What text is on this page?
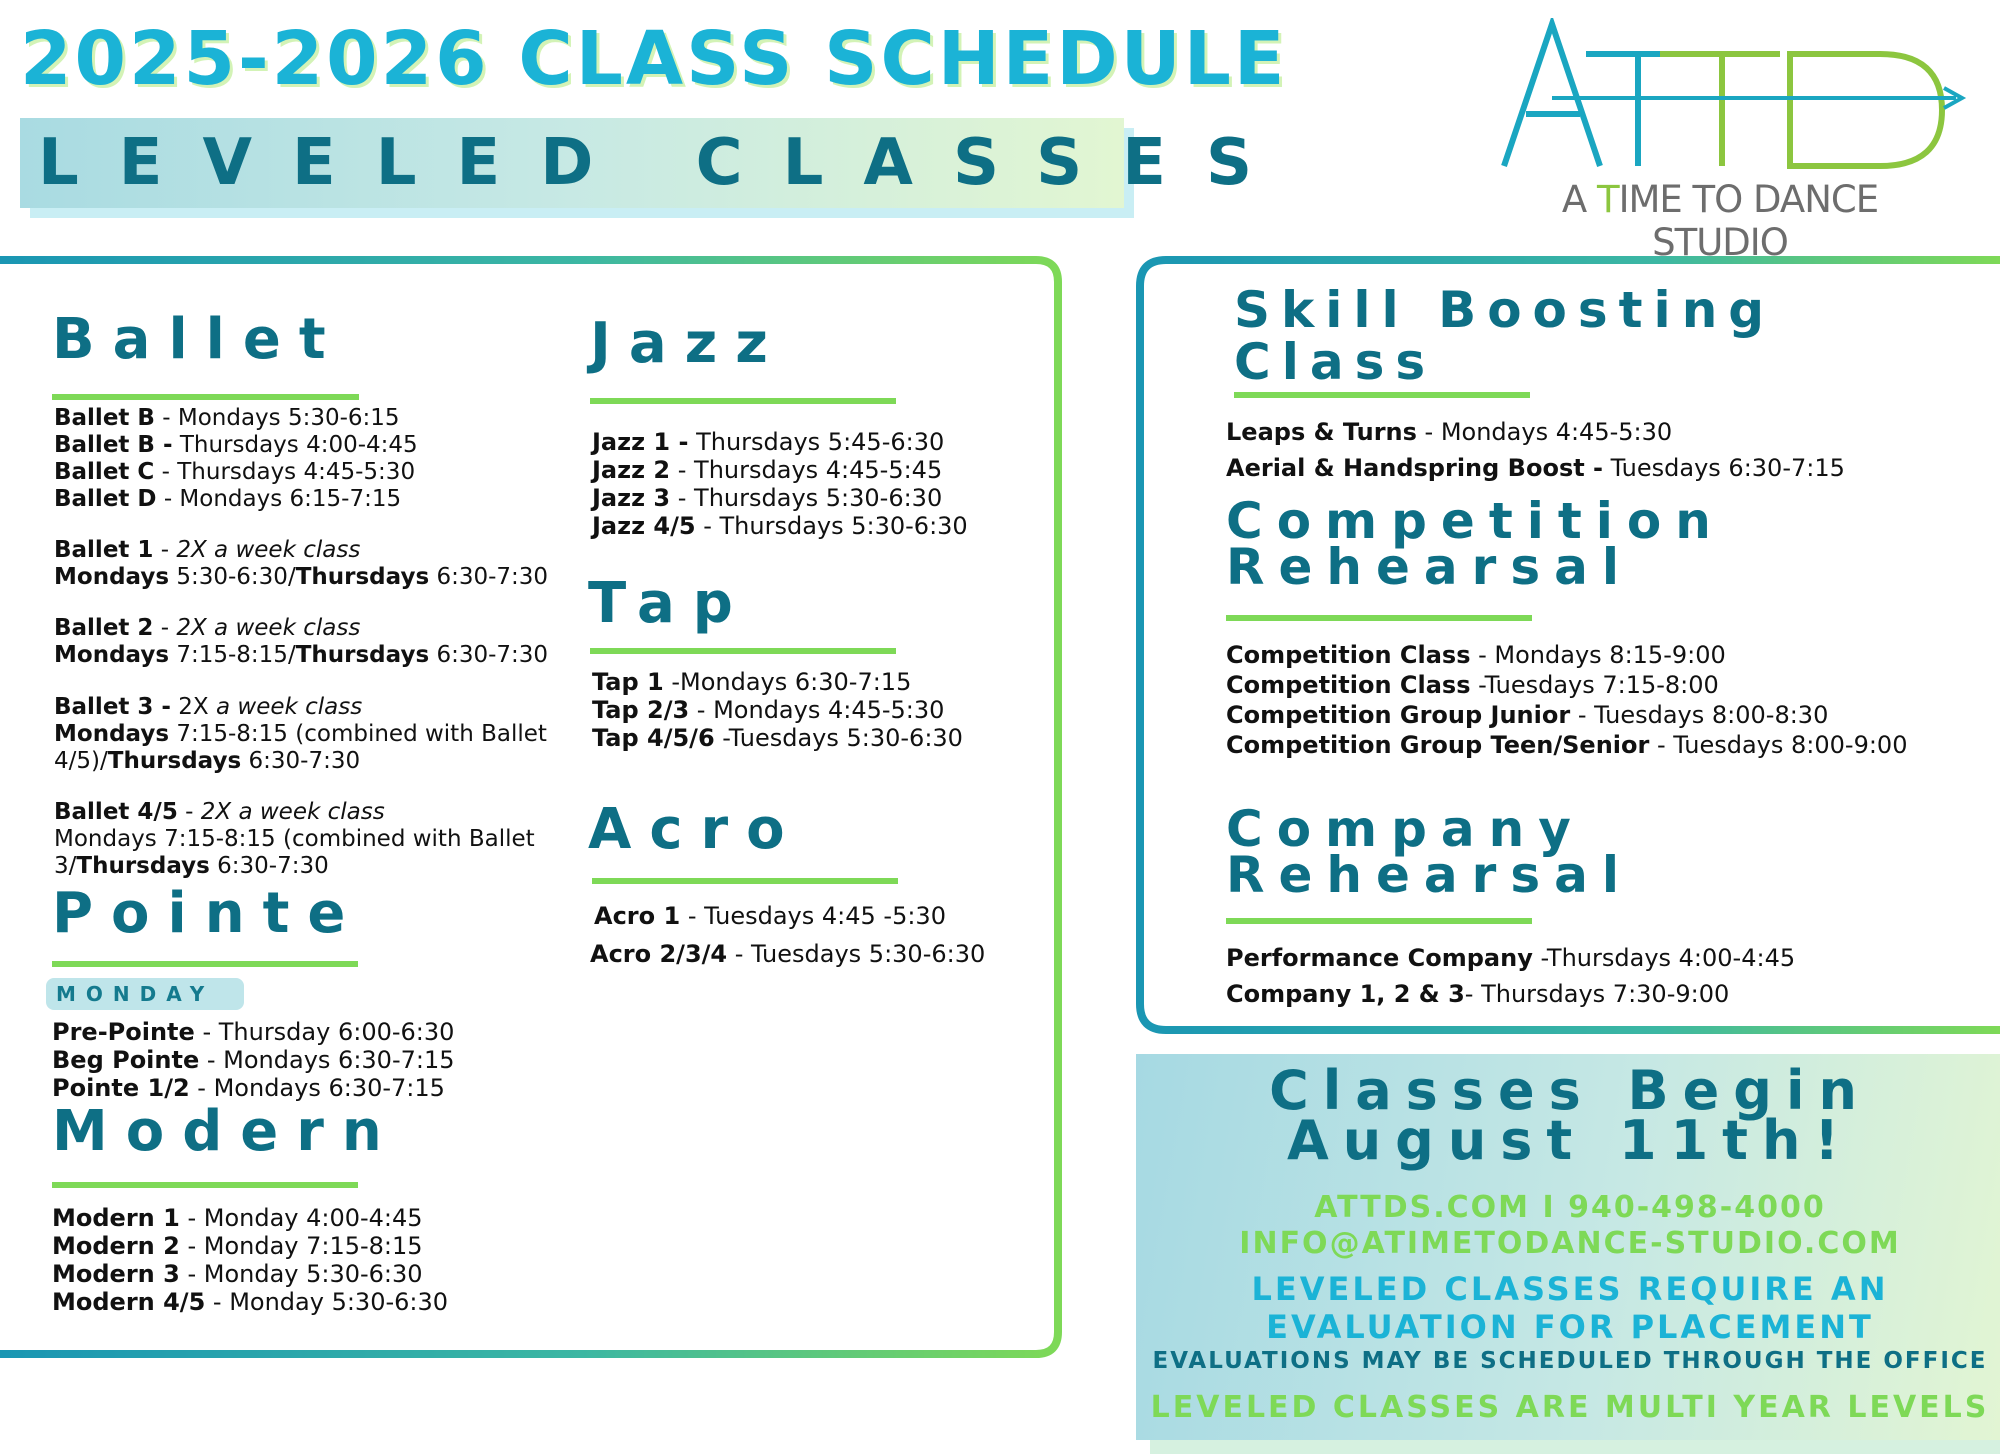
2025-2026 CLASS SCHEDULE
LEVELED CLASSES	A TIME TO DANCE STUDIO
Ballet
Ballet B - Mondays 5:30-6:15
Ballet B - Thursdays 4:00-4:45
Ballet C - Thursdays 4:45-5:30
Ballet D - Mondays 6:15-7:15
Ballet 1 - 2X a week class
Mondays 5:30-6:30/Thursdays 6:30-7:30
Ballet 2 - 2X a week class
Mondays 7:15-8:15/Thursdays 6:30-7:30
Ballet 3 - 2X a week class
Mondays 7:15-8:15 (combined with Ballet
4/5)/Thursdays 6:30-7:30
Ballet 4/5 - 2X a week class
Mondays 7:15-8:15 (combined with Ballet
3/Thursdays 6:30-7:30
Pointe
MONDAY
Pre-Pointe - Thursday 6:00-6:30
Beg Pointe - Mondays 6:30-7:15
Pointe 1/2 - Mondays 6:30-7:15
Modern
Modern 1 - Monday 4:00-4:45
Modern 2 - Monday 7:15-8:15
Modern 3 - Monday 5:30-6:30
Modern 4/5 - Monday 5:30-6:30
Jazz
Jazz 1 - Thursdays 5:45-6:30
Jazz 2 - Thursdays 4:45-5:45
Jazz 3 - Thursdays 5:30-6:30
Jazz 4/5 - Thursdays 5:30-6:30
Tap
Tap 1 -Mondays 6:30-7:15
Tap 2/3 - Mondays 4:45-5:30
Tap 4/5/6 -Tuesdays 5:30-6:30
Acro
Acro 1 - Tuesdays 4:45 -5:30
Acro 2/3/4 - Tuesdays 5:30-6:30
Skill Boosting
Class
Leaps & Turns - Mondays 4:45-5:30
Aerial & Handspring Boost - Tuesdays 6:30-7:15
Competition
Rehearsal
Competition Class - Mondays 8:15-9:00
Competition Class -Tuesdays 7:15-8:00
Competition Group Junior - Tuesdays 8:00-8:30
Competition Group Teen/Senior - Tuesdays 8:00-9:00
Company
Rehearsal
Performance Company -Thursdays 4:00-4:45
Company 1, 2 & 3- Thursdays 7:30-9:00
Classes Begin
August 11th!
ATTDS.COM I 940-498-4000
INFO@ATIMETODANCE-STUDIO.COM
LEVELED CLASSES REQUIRE AN
EVALUATION FOR PLACEMENT
EVALUATIONS MAY BE SCHEDULED THROUGH THE OFFICE
LEVELED CLASSES ARE MULTI YEAR LEVELS
